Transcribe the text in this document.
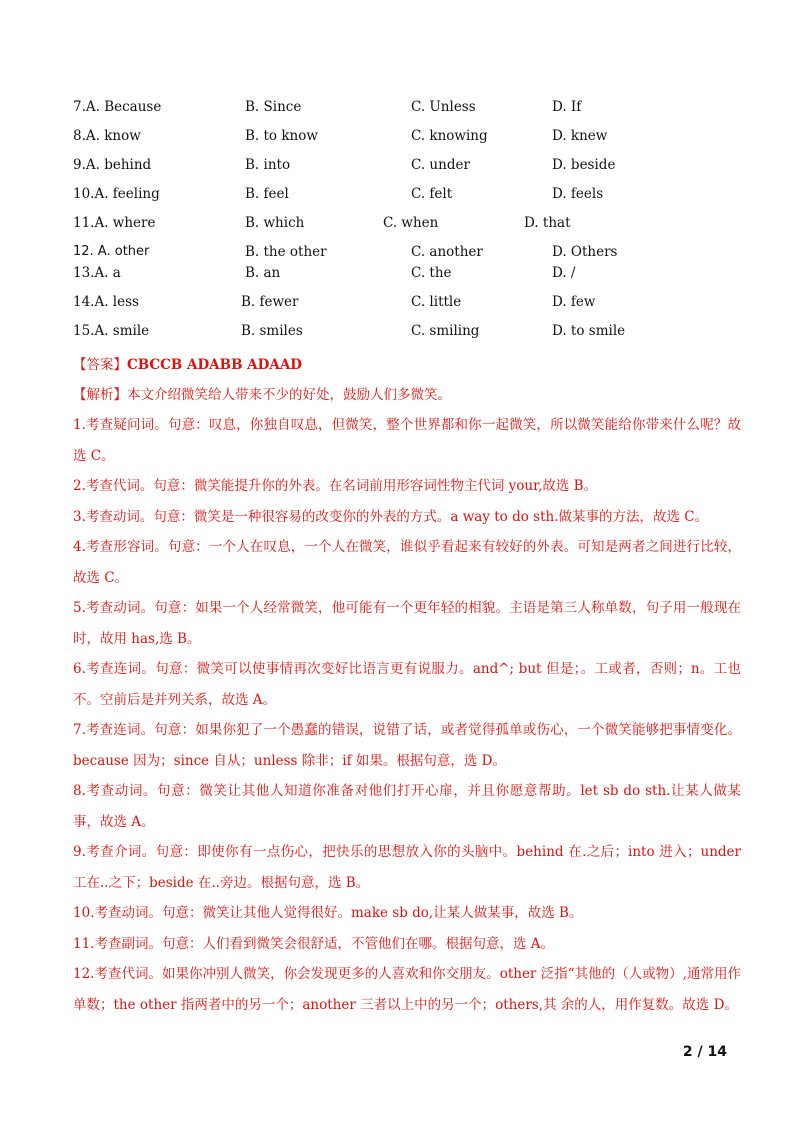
7.A. Because	B. Since	C. Unless	D. If
8.A. know	B. to know	C. knowing	D. knew
9.A. behind	B. into	C. under	D. beside
10.A. feeling	B. feel	C. felt	D. feels
11.A. where	B. which	C. when	D. that
12. A. other	B. the other	C. another	D. Others
13.A. a	B. an	C. the	D. /
14.A. less	B. fewer	C. little	D. few
15.A. smile	B. smiles	C. smiling	D. to smile
【答案】CBCCB ADABB ADAAD
【解析】本文介绍微笑给人带来不少的好处，鼓励人们多微笑。
1.考查疑问词。句意：叹息，你独自叹息，但微笑，整个世界都和你一起微笑，所以微笑能给你带来什么呢？故选 C。
2.考查代词。句意：微笑能提升你的外表。在名词前用形容词性物主代词 your,故选 B。
3.考查动词。句意：微笑是一种很容易的改变你的外表的方式。a way to do sth.做某事的方法，故选 C。
4.考查形容词。句意：一个人在叹息，一个人在微笑，谁似乎看起来有较好的外表。可知是两者之间进行比较，故选 C。
5.考查动词。句意：如果一个人经常微笑，他可能有一个更年轻的相貌。主语是第三人称单数，句子用一般现在时，故用 has,选 B。
6.考查连词。句意：微笑可以使事情再次变好比语言更有说服力。and^; but 但是；。工或者，否则；n。工也不。空前后是并列关系，故选 A。
7.考查连词。句意：如果你犯了一个愚蠢的错误，说错了话，或者觉得孤单或伤心，一个微笑能够把事情变化。because 因为；since 自从；unless 除非；if 如果。根据句意，选 D。
8.考查动词。句意：微笑让其他人知道你准备对他们打开心扉，并且你愿意帮助。let sb do sth.让某人做某事，故选 A。
9.考查介词。句意：即使你有一点伤心，把快乐的思想放入你的头脑中。behind 在.之后；into 进入；under 工在..之下；beside 在..旁边。根据句意，选 B。
10.考查动词。句意：微笑让其他人觉得很好。make sb do,让某人做某事，故选 B。
11.考查副词。句意：人们看到微笑会很舒适，不管他们在哪。根据句意，选 A。
12.考查代词。如果你冲别人微笑，你会发现更多的人喜欢和你交朋友。other 泛指“其他的（人或物）,通常用作单数；the other 指两者中的另一个；another 三者以上中的另一个；others,其 余的人，用作复数。故选 D。
2 / 14
